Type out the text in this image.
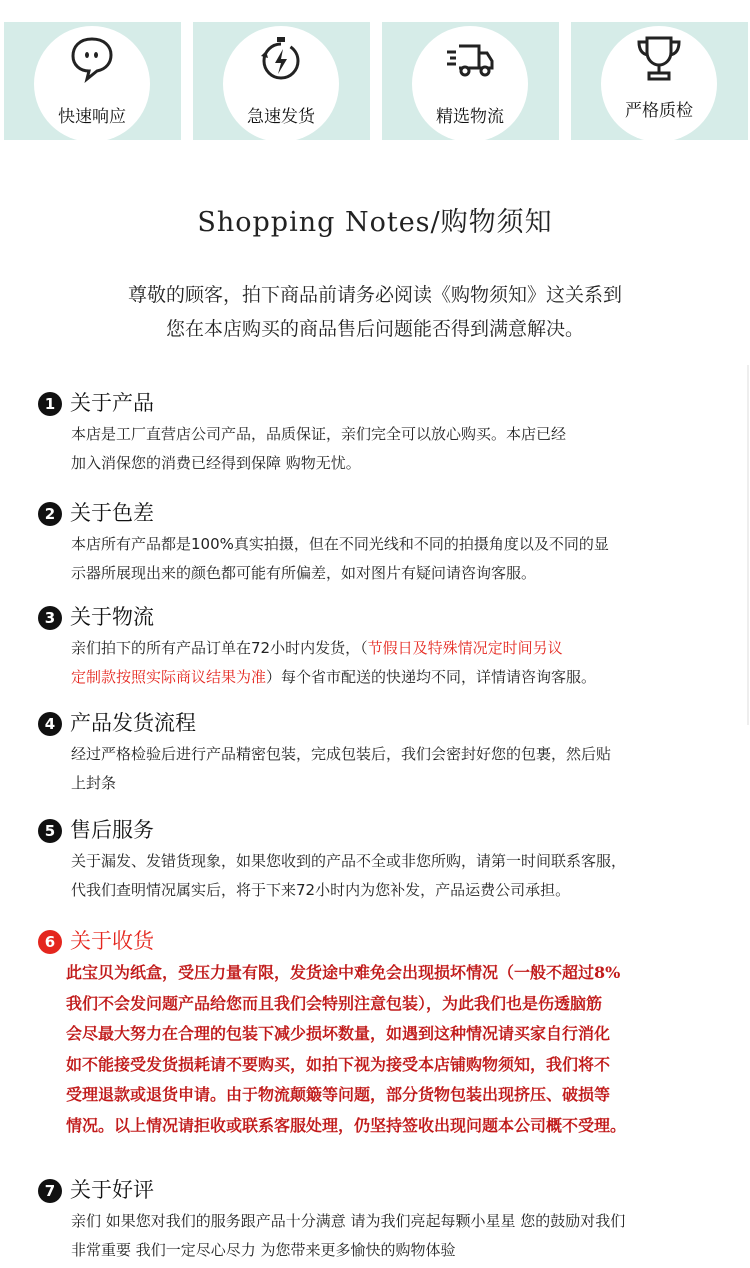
快速响应	急速发货	精选物流	严格质检
Shopping Notes/购物须知

尊敬的顾客，拍下商品前请务必阅读《购物须知》这关系到

您在本店购买的商品售后问题能否得到满意解决。

1 关于产品

本店是工厂直营店公司产品，品质保证，亲们完全可以放心购买。本店已经

加入消保您的消费已经得到保障 购物无忧。

2 关于色差

本店所有产品都是100%真实拍摄，但在不同光线和不同的拍摄角度以及不同的显

示器所展现出来的颜色都可能有所偏差，如对图片有疑问请咨询客服。

3 关于物流

亲们拍下的所有产品订单在72小时内发货，（节假日及特殊情况定时间另议

定制款按照实际商议结果为准）每个省市配送的快递均不同，详情请咨询客服。

4 产品发货流程

经过严格检验后进行产品精密包装，完成包装后，我们会密封好您的包裹，然后贴

上封条

5 售后服务

关于漏发、发错货现象，如果您收到的产品不全或非您所购，请第一时间联系客服，

代我们查明情况属实后，将于下来72小时内为您补发，产品运费公司承担。

6 关于收货

此宝贝为纸盒，受压力量有限，发货途中难免会出现损坏情况（一般不超过8%

我们不会发问题产品给您而且我们会特别注意包装），为此我们也是伤透脑筋

会尽最大努力在合理的包装下减少损坏数量，如遇到这种情况请买家自行消化

如不能接受发货损耗请不要购买，如拍下视为接受本店铺购物须知，我们将不

受理退款或退货申请。由于物流颠簸等问题，部分货物包装出现挤压、破损等

情况。以上情况请拒收或联系客服处理，仍坚持签收出现问题本公司概不受理。

7 关于好评

亲们 如果您对我们的服务跟产品十分满意 请为我们亮起每颗小星星 您的鼓励对我们

非常重要 我们一定尽心尽力 为您带来更多愉快的购物体验
